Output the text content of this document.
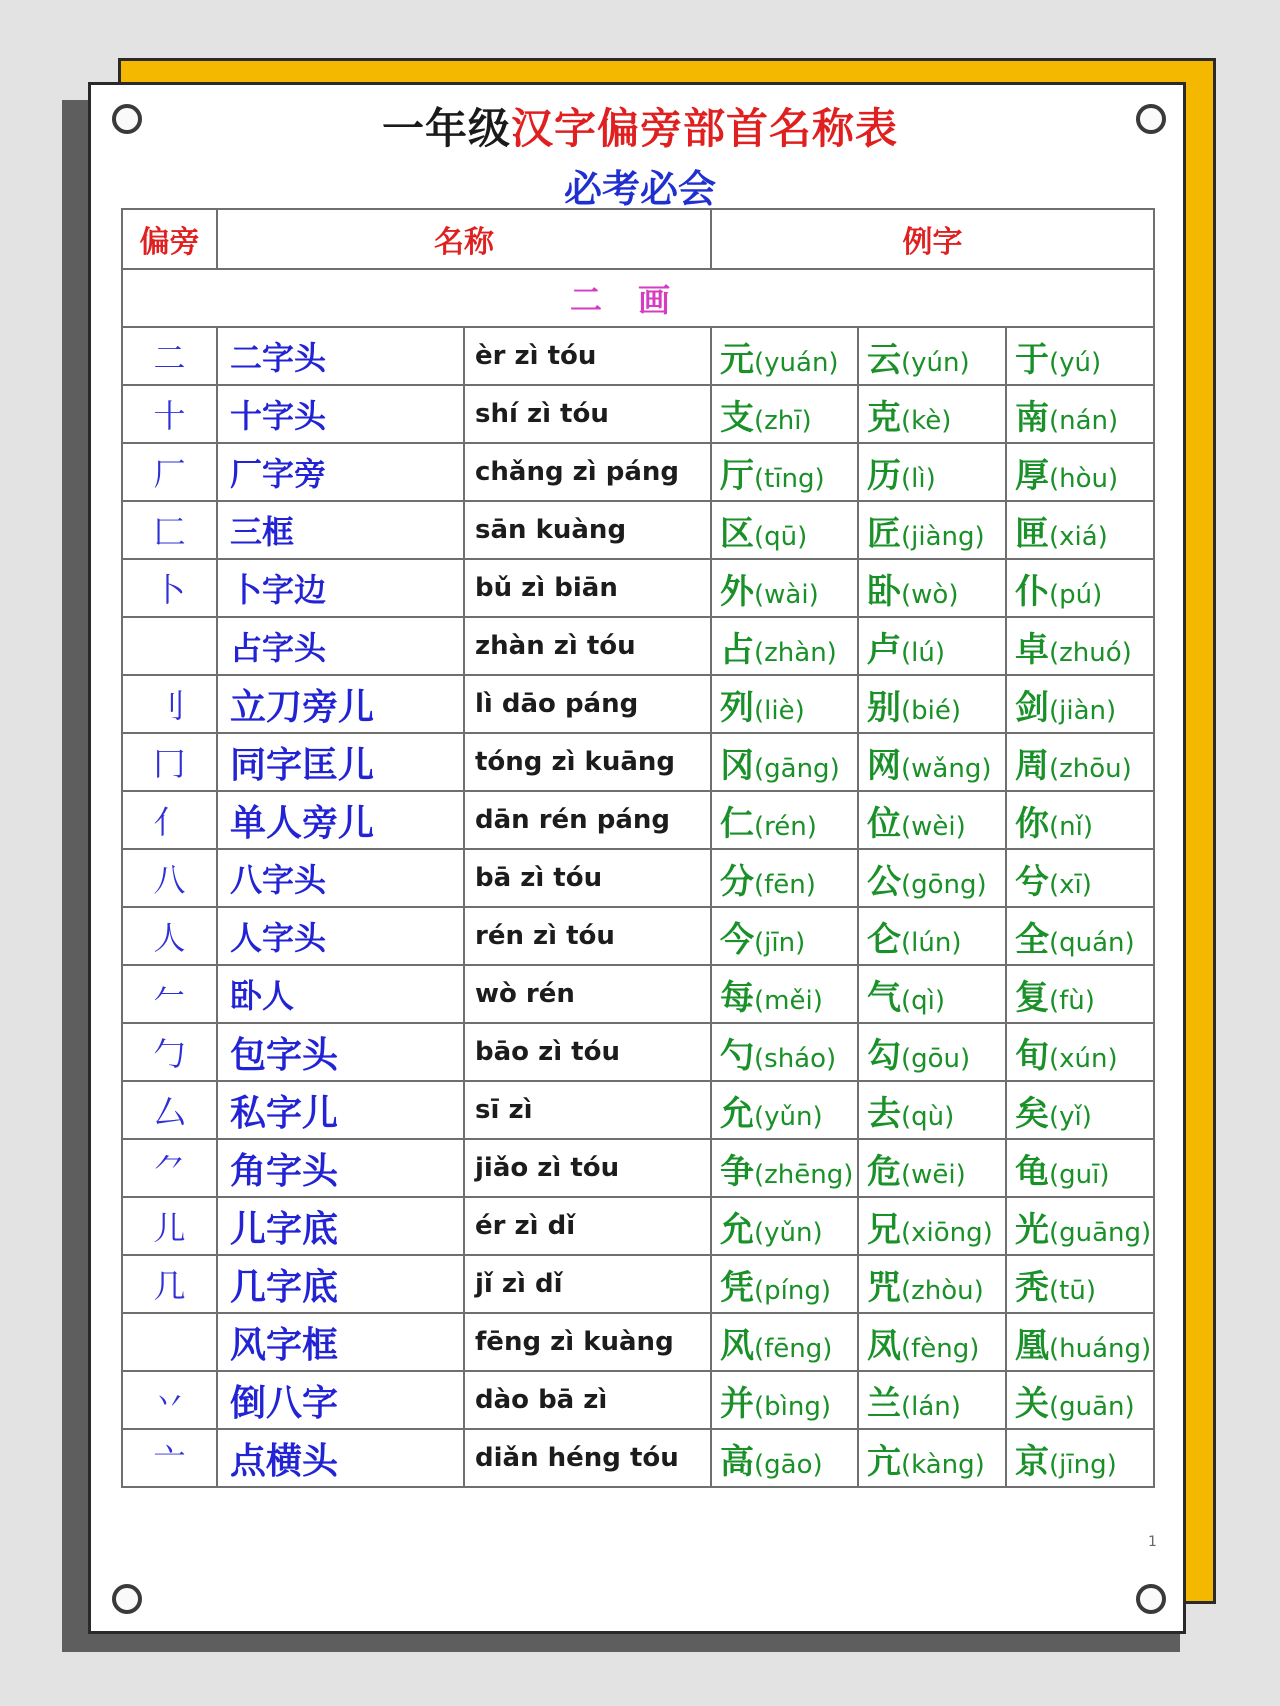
一年级汉字偏旁部首名称表
必考必会
偏旁	名称		例字		
二画					
二	二字头	èr zì tóu	元(yuán)	云(yún)	于(yú)
十	十字头	shí zì tóu	支(zhī)	克(kè)	南(nán)
厂	厂字旁	chǎng zì páng	厅(tīng)	历(lì)	厚(hòu)
匚	三框	sān kuàng	区(qū)	匠(jiàng)	匣(xiá)
卜	卜字边	bǔ zì biān	外(wài)	卧(wò)	仆(pú)
	占字头	zhàn zì tóu	占(zhàn)	卢(lú)	卓(zhuó)
刂	立刀旁儿	lì dāo páng	列(liè)	别(bié)	剑(jiàn)
冂	同字匡儿	tóng zì kuāng	冈(gāng)	网(wǎng)	周(zhōu)
亻	单人旁儿	dān rén páng	仁(rén)	位(wèi)	你(nǐ)
八	八字头	bā zì tóu	分(fēn)	公(gōng)	兮(xī)
人	人字头	rén zì tóu	今(jīn)	仑(lún)	全(quán)
𠂉	卧人	wò rén	每(měi)	气(qì)	复(fù)
勹	包字头	bāo zì tóu	勺(sháo)	勾(gōu)	旬(xún)
厶	私字儿	sī zì	允(yǔn)	去(qù)	矣(yǐ)
⺈	角字头	jiǎo zì tóu	争(zhēng)	危(wēi)	龟(guī)
儿	儿字底	ér zì dǐ	允(yǔn)	兄(xiōng)	光(guāng)
几	几字底	jǐ zì dǐ	凭(píng)	咒(zhòu)	秃(tū)
	风字框	fēng zì kuàng	风(fēng)	凤(fèng)	凰(huáng)
丷	倒八字	dào bā zì	并(bìng)	兰(lán)	关(guān)
亠	点横头	diǎn héng tóu	高(gāo)	亢(kàng)	京(jīng)
1
